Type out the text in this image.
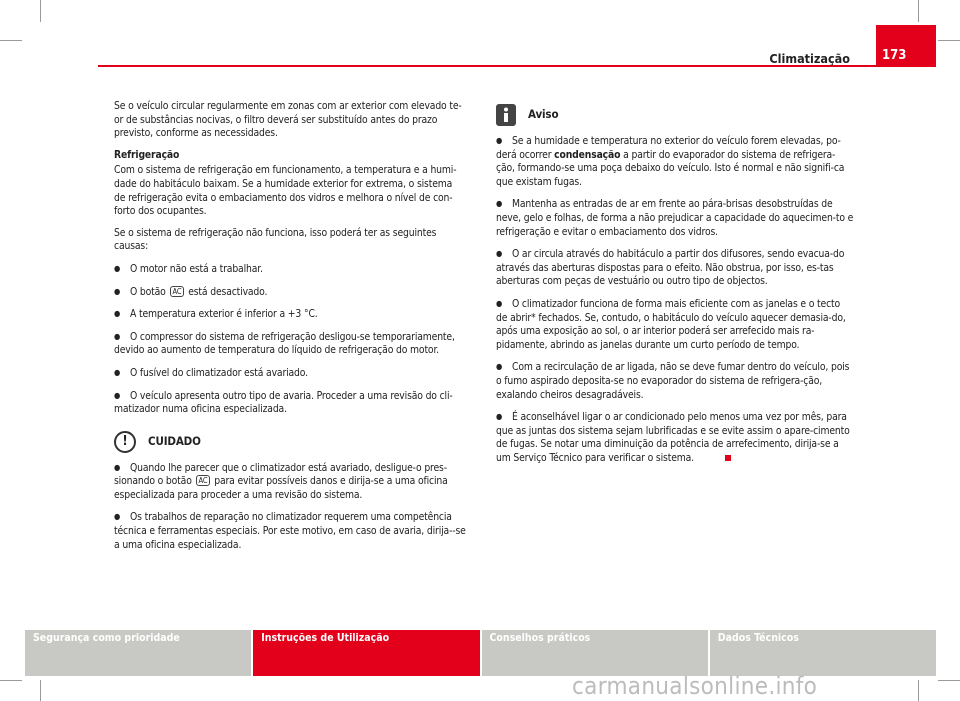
Climatização 173

Se o veículo circular regularmente em zonas com ar exterior com elevado te-or de substâncias nocivas, o filtro deverá ser substituído antes do prazo previsto, conforme as necessidades.

Refrigeração

Com o sistema de refrigeração em funcionamento, a temperatura e a humi-dade do habitáculo baixam. Se a humidade exterior for extrema, o sistema de refrigeração evita o embaciamento dos vidros e melhora o nível de con-forto dos ocupantes.

Se o sistema de refrigeração não funciona, isso poderá ter as seguintes causas:

● O motor não está a trabalhar.
● O botão AC está desactivado.
● A temperatura exterior é inferior a +3 °C.
● O compressor do sistema de refrigeração desligou-se temporariamente, devido ao aumento de temperatura do líquido de refrigeração do motor.
● O fusível do climatizador está avariado.
● O veículo apresenta outro tipo de avaria. Proceder a uma revisão do cli-matizador numa oficina especializada.
!	CUIDADO
● Quando lhe parecer que o climatizador está avariado, desligue-o pres-sionando o botão AC para evitar possíveis danos e dirija-se a uma oficina especializada para proceder a uma revisão do sistema.
● Os trabalhos de reparação no climatizador requerem uma competência técnica e ferramentas especiais. Por este motivo, em caso de avaria, dirija--se a uma oficina especializada.
Aviso
● Se a humidade e temperatura no exterior do veículo forem elevadas, po-derá ocorrer condensação a partir do evaporador do sistema de refrigera-ção, formando-se uma poça debaixo do veículo. Isto é normal e não signifi-ca que existam fugas.
● Mantenha as entradas de ar em frente ao pára-brisas desobstruídas de neve, gelo e folhas, de forma a não prejudicar a capacidade do aquecimen-to e refrigeração e evitar o embaciamento dos vidros.
● O ar circula através do habitáculo a partir dos difusores, sendo evacua-do através das aberturas dispostas para o efeito. Não obstrua, por isso, es-tas aberturas com peças de vestuário ou outro tipo de objectos.
● O climatizador funciona de forma mais eficiente com as janelas e o tecto de abrir* fechados. Se, contudo, o habitáculo do veículo aquecer demasia-do, após uma exposição ao sol, o ar interior poderá ser arrefecido mais ra-pidamente, abrindo as janelas durante um curto período de tempo.
● Com a recirculação de ar ligada, não se deve fumar dentro do veículo, pois o fumo aspirado deposita-se no evaporador do sistema de refrigera-ção, exalando cheiros desagradáveis.
● É aconselhável ligar o ar condicionado pelo menos uma vez por mês, para que as juntas dos sistema sejam lubrificadas e se evite assim o apare-cimento de fugas. Se notar uma diminuição da potência de arrefecimento, dirija-se a um Serviço Técnico para verificar o sistema.
Segurança como prioridade	Instruções de Utilização	Conselhos práticos	Dados Técnicos
carmanualsonline.info
